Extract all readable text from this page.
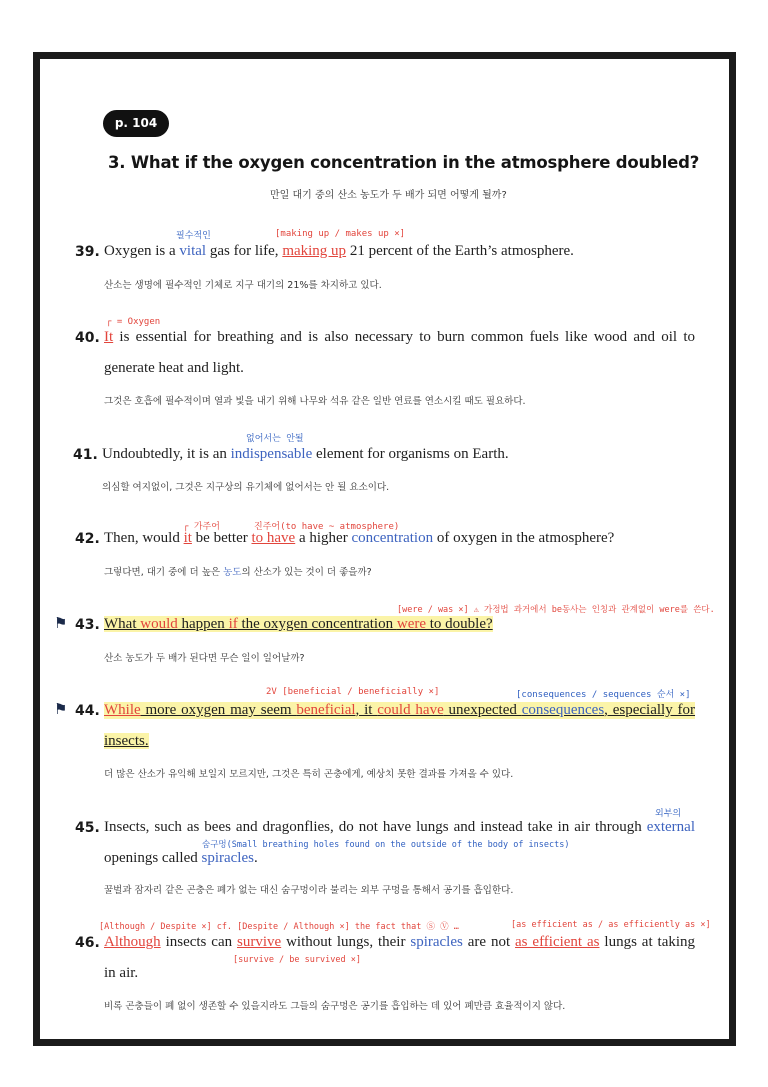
p. 104
3. What if the oxygen concentration in the atmosphere doubled?
만일 대기 중의 산소 농도가 두 배가 되면 어떻게 될까?
필수적인	[making up / makes up ×]
39. Oxygen is a vital gas for life, making up 21 percent of the Earth’s atmosphere.
산소는 생명에 필수적인 기체로 지구 대기의 21%를 차지하고 있다.
┌ = Oxygen
40. It is essential for breathing and is also necessary to burn common fuels like wood and oil to
generate heat and light.
그것은 호흡에 필수적이며 열과 빛을 내기 위해 나무와 석유 같은 일반 연료를 연소시킬 때도 필요하다.
없어서는 안될
41. Undoubtedly, it is an indispensable element for organisms on Earth.
의심할 여지없이, 그것은 지구상의 유기체에 없어서는 안 될 요소이다.
┌ 가주어	진주어(to have ~ atmosphere)
42. Then, would it be better to have a higher concentration of oxygen in the atmosphere?
그렇다면, 대기 중에 더 높은 농도의 산소가 있는 것이 더 좋을까?
[were / was ×] ⚠ 가정법 과거에서 be동사는 인칭과 관계없이 were를 쓴다.
⚑ 43. What would happen if the oxygen concentration were to double?
산소 농도가 두 배가 된다면 무슨 일이 일어날까?
2V [beneficial / beneficially ×]	[consequences / sequences 순서 ×]
⚑ 44. While more oxygen may seem beneficial, it could have unexpected consequences, especially for
insects.
더 많은 산소가 유익해 보일지 모르지만, 그것은 특히 곤충에게, 예상치 못한 결과를 가져올 수 있다.
외부의
45. Insects, such as bees and dragonflies, do not have lungs and instead take in air through external
숨구멍(Small breathing holes found on the outside of the body of insects)
openings called spiracles.
꿀벌과 잠자리 같은 곤충은 폐가 없는 대신 숨구멍이라 불리는 외부 구멍을 통해서 공기를 흡입한다.
[Although / Despite ×] cf. [Despite / Although ×] the fact that Ⓢ Ⓥ …	[as efficient as / as efficiently as ×]
46. Although insects can survive without lungs, their spiracles are not as efficient as lungs at taking
[survive / be survived ×]
in air.
비록 곤충들이 폐 없이 생존할 수 있을지라도 그들의 숨구멍은 공기를 흡입하는 데 있어 폐만큼 효율적이지 않다.
